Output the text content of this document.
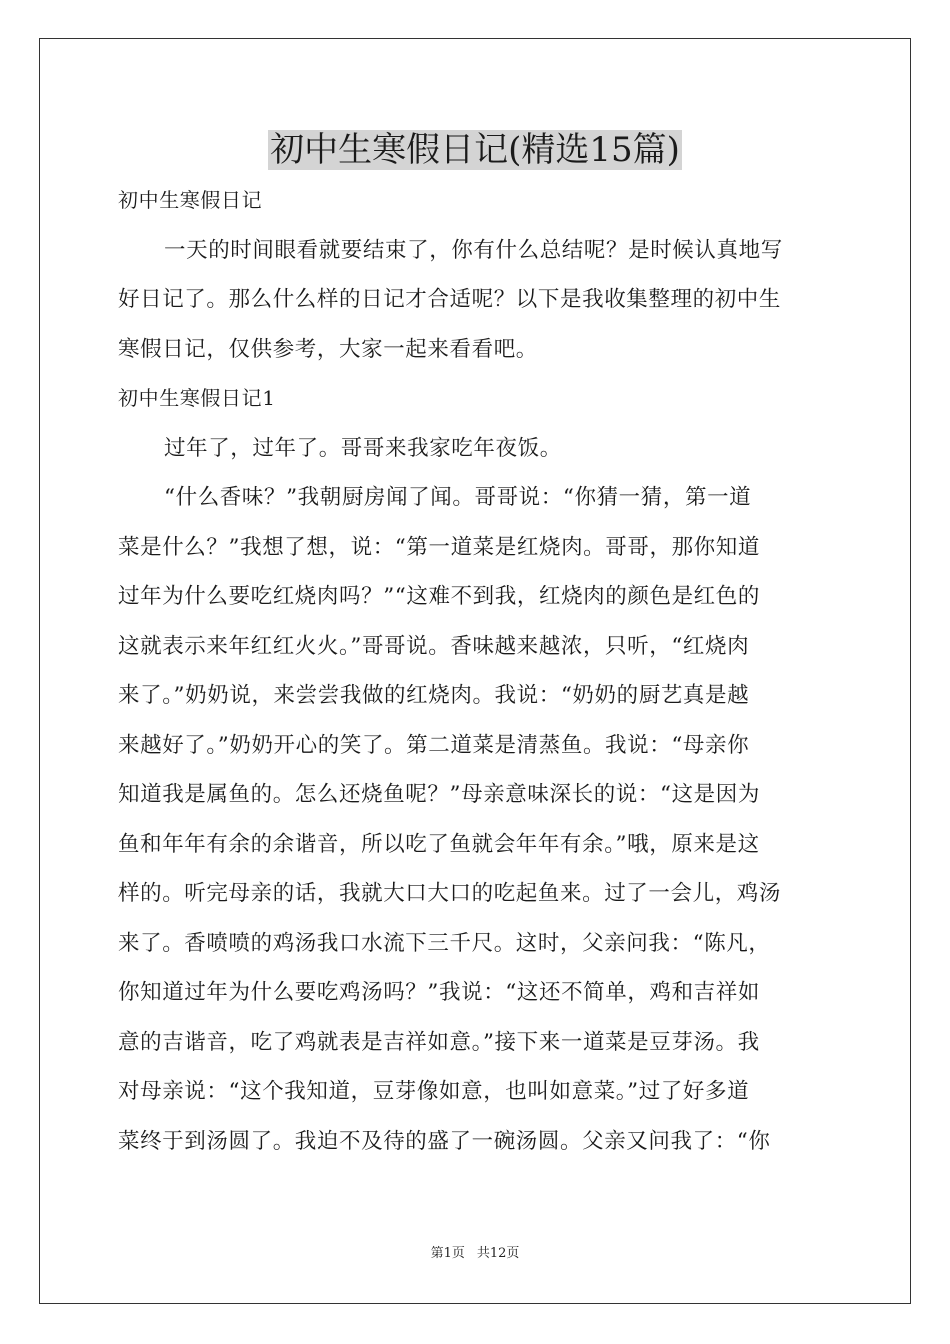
初中生寒假日记(精选15篇)
初中生寒假日记
一天的时间眼看就要结束了，你有什么总结呢？是时候认真地写
好日记了。那么什么样的日记才合适呢？以下是我收集整理的初中生
寒假日记，仅供参考，大家一起来看看吧。
初中生寒假日记1
过年了，过年了。哥哥来我家吃年夜饭。
“什么香味？”我朝厨房闻了闻。哥哥说：“你猜一猜，第一道
菜是什么？”我想了想，说：“第一道菜是红烧肉。哥哥，那你知道
过年为什么要吃红烧肉吗？”“这难不到我，红烧肉的颜色是红色的
这就表示来年红红火火。”哥哥说。香味越来越浓，只听，“红烧肉
来了。”奶奶说，来尝尝我做的红烧肉。我说：“奶奶的厨艺真是越
来越好了。”奶奶开心的笑了。第二道菜是清蒸鱼。我说：“母亲你
知道我是属鱼的。怎么还烧鱼呢？”母亲意味深长的说：“这是因为
鱼和年年有余的余谐音，所以吃了鱼就会年年有余。”哦，原来是这
样的。听完母亲的话，我就大口大口的吃起鱼来。过了一会儿，鸡汤
来了。香喷喷的鸡汤我口水流下三千尺。这时，父亲问我：“陈凡，
你知道过年为什么要吃鸡汤吗？”我说：“这还不简单，鸡和吉祥如
意的吉谐音，吃了鸡就表是吉祥如意。”接下来一道菜是豆芽汤。我
对母亲说：“这个我知道，豆芽像如意，也叫如意菜。”过了好多道
菜终于到汤圆了。我迫不及待的盛了一碗汤圆。父亲又问我了：“你
第1页 共12页
